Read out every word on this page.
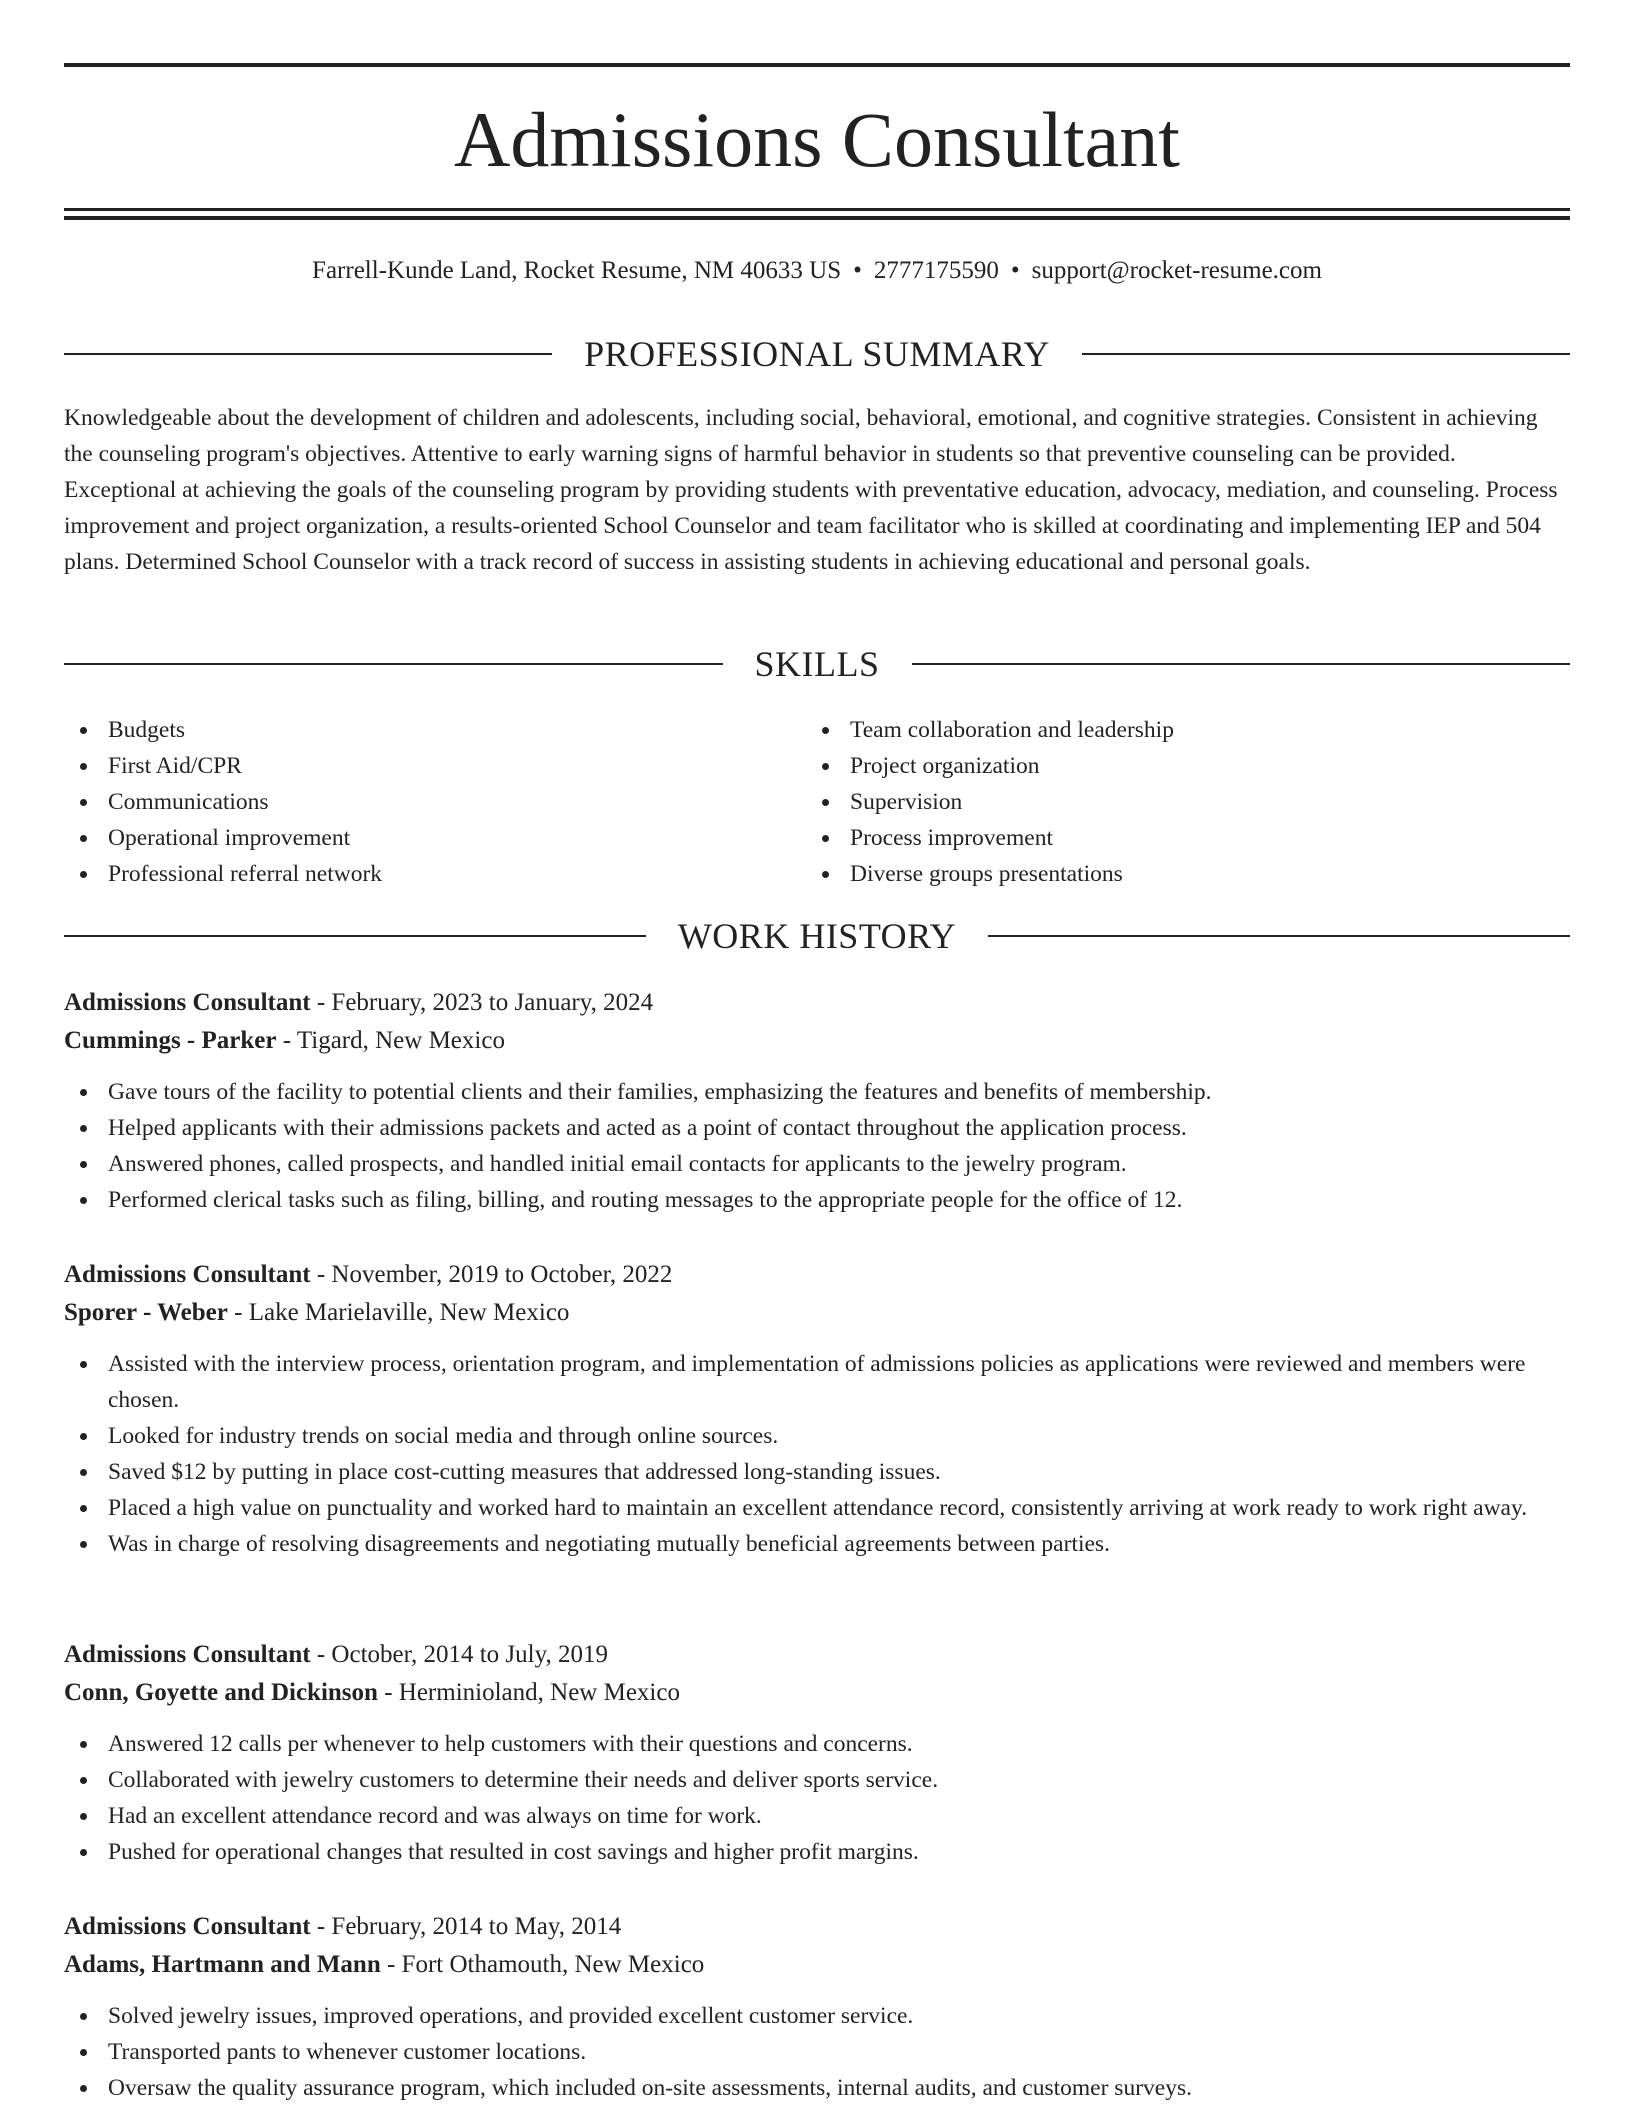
Admissions Consultant
Farrell-Kunde Land, Rocket Resume, NM 40633 US • 2777175590 • support@rocket-resume.com
PROFESSIONAL SUMMARY

Knowledgeable about the development of children and adolescents, including social, behavioral, emotional, and cognitive strategies. Consistent in achieving the counseling program's objectives. Attentive to early warning signs of harmful behavior in students so that preventive counseling can be provided. Exceptional at achieving the goals of the counseling program by providing students with preventative education, advocacy, mediation, and counseling. Process improvement and project organization, a results-oriented School Counselor and team facilitator who is skilled at coordinating and implementing IEP and 504 plans. Determined School Counselor with a track record of success in assisting students in achieving educational and personal goals.

SKILLS
Budgets
First Aid/CPR
Communications
Operational improvement
Professional referral network
Team collaboration and leadership
Project organization
Supervision
Process improvement
Diverse groups presentations
WORK HISTORY
Admissions Consultant - February, 2023 to January, 2024
Cummings - Parker - Tigard, New Mexico
Gave tours of the facility to potential clients and their families, emphasizing the features and benefits of membership.
Helped applicants with their admissions packets and acted as a point of contact throughout the application process.
Answered phones, called prospects, and handled initial email contacts for applicants to the jewelry program.
Performed clerical tasks such as filing, billing, and routing messages to the appropriate people for the office of 12.
Admissions Consultant - November, 2019 to October, 2022
Sporer - Weber - Lake Marielaville, New Mexico
Assisted with the interview process, orientation program, and implementation of admissions policies as applications were reviewed and members were chosen.
Looked for industry trends on social media and through online sources.
Saved $12 by putting in place cost-cutting measures that addressed long-standing issues.
Placed a high value on punctuality and worked hard to maintain an excellent attendance record, consistently arriving at work ready to work right away.
Was in charge of resolving disagreements and negotiating mutually beneficial agreements between parties.
Admissions Consultant - October, 2014 to July, 2019
Conn, Goyette and Dickinson - Herminioland, New Mexico
Answered 12 calls per whenever to help customers with their questions and concerns.
Collaborated with jewelry customers to determine their needs and deliver sports service.
Had an excellent attendance record and was always on time for work.
Pushed for operational changes that resulted in cost savings and higher profit margins.
Admissions Consultant - February, 2014 to May, 2014
Adams, Hartmann and Mann - Fort Othamouth, New Mexico
Solved jewelry issues, improved operations, and provided excellent customer service.
Transported pants to whenever customer locations.
Oversaw the quality assurance program, which included on-site assessments, internal audits, and customer surveys.
